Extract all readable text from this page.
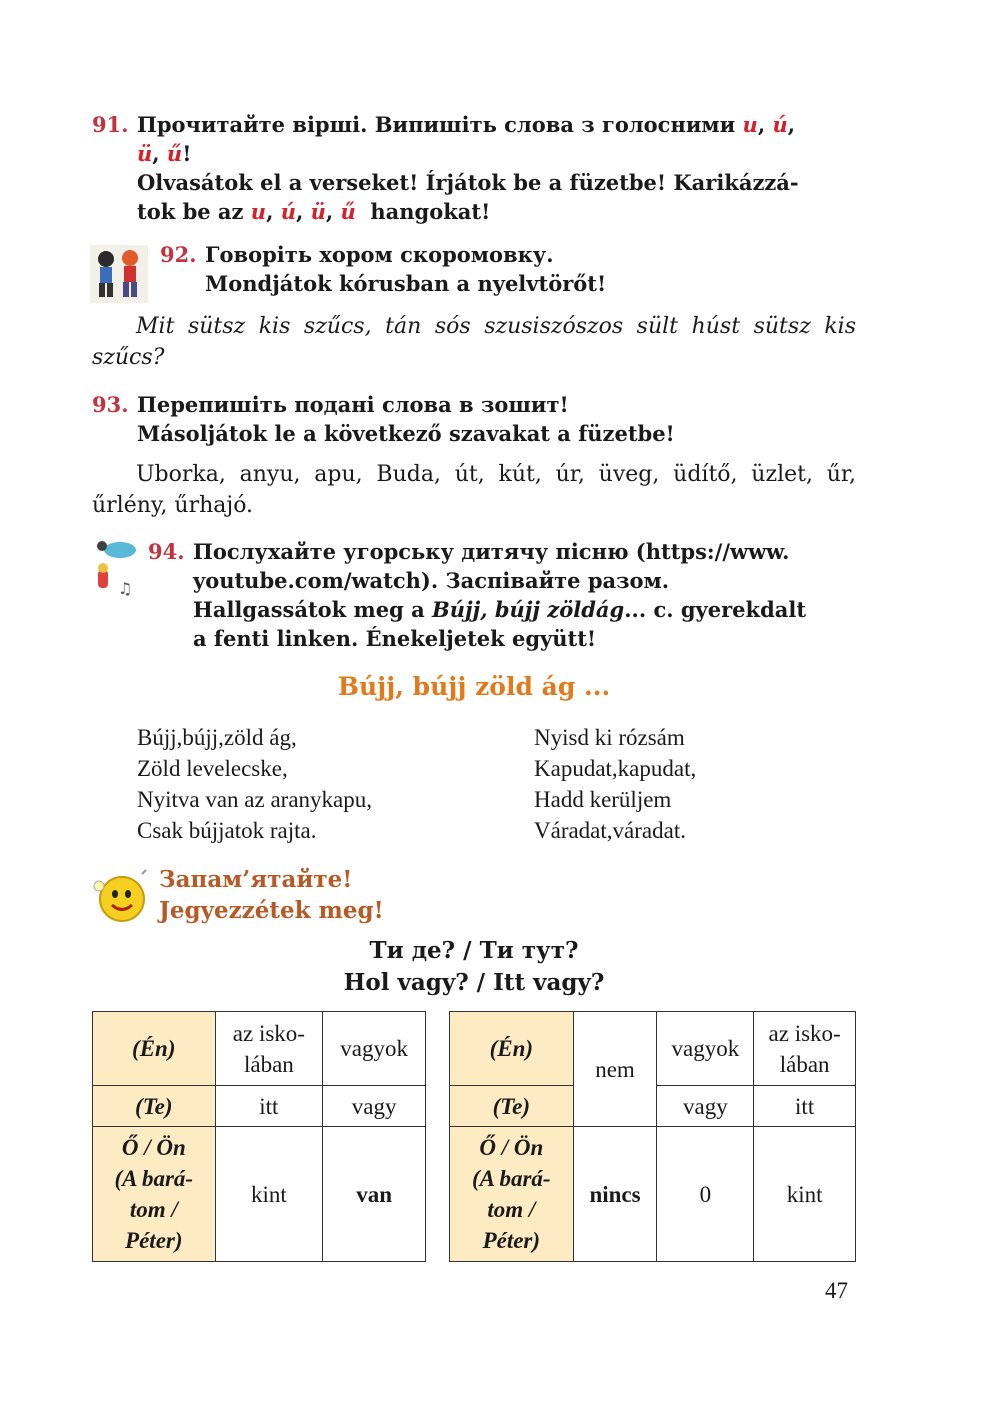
91. Прочитайте вірші. Випишіть слова з голосними u, ú,
ü, ű!
Olvasátok el a verseket! Írjátok be a füzetbe! Karikázzá-
tok be az u, ú, ü, ű hangokat!
92. Говоріть хором скоромовку.
Mondjátok kórusban a nyelvtörőt!
Mit sütsz kis szűcs, tán sós szusiszószos sült húst sütsz kis
szűcs?
93. Перепишіть подані слова в зошит!
Másoljátok le a következő szavakat a füzetbe!
Uborka, anyu, apu, Buda, út, kút, úr, üveg, üdítő, üzlet, űr,
űrlény, űrhajó.
♫
94. Послухайте угорську дитячу пісню (https://www.
youtube.com/watch). Заспівайте разом.
Hallgassátok meg a Bújj, bújj zöldág... c. gyerekdalt
a fenti linken. Énekeljetek együtt!
Bújj, bújj zöld ág ...
Bújj,bújj,zöld ág,
Zöld levelecske,
Nyitva van az aranykapu,
Csak bújjatok rajta.
Nyisd ki rózsám
Kapudat,kapudat,
Hadd kerüljem
Váradat,váradat.
Запам’ятайте!
Jegyezzétek meg!
Ти де? / Ти тут?
Hol vagy? / Itt vagy?
(Én)	az isko-
lában	vagyok
(Te)	itt	vagy
Ő / Ön
(A bará-
tom /
Péter)	kint	van
(Én)	nem	vagyok	az isko-
lában
(Te)		vagy	itt
Ő / Ön
(A bará-
tom /
Péter)	nincs	0	kint
47
